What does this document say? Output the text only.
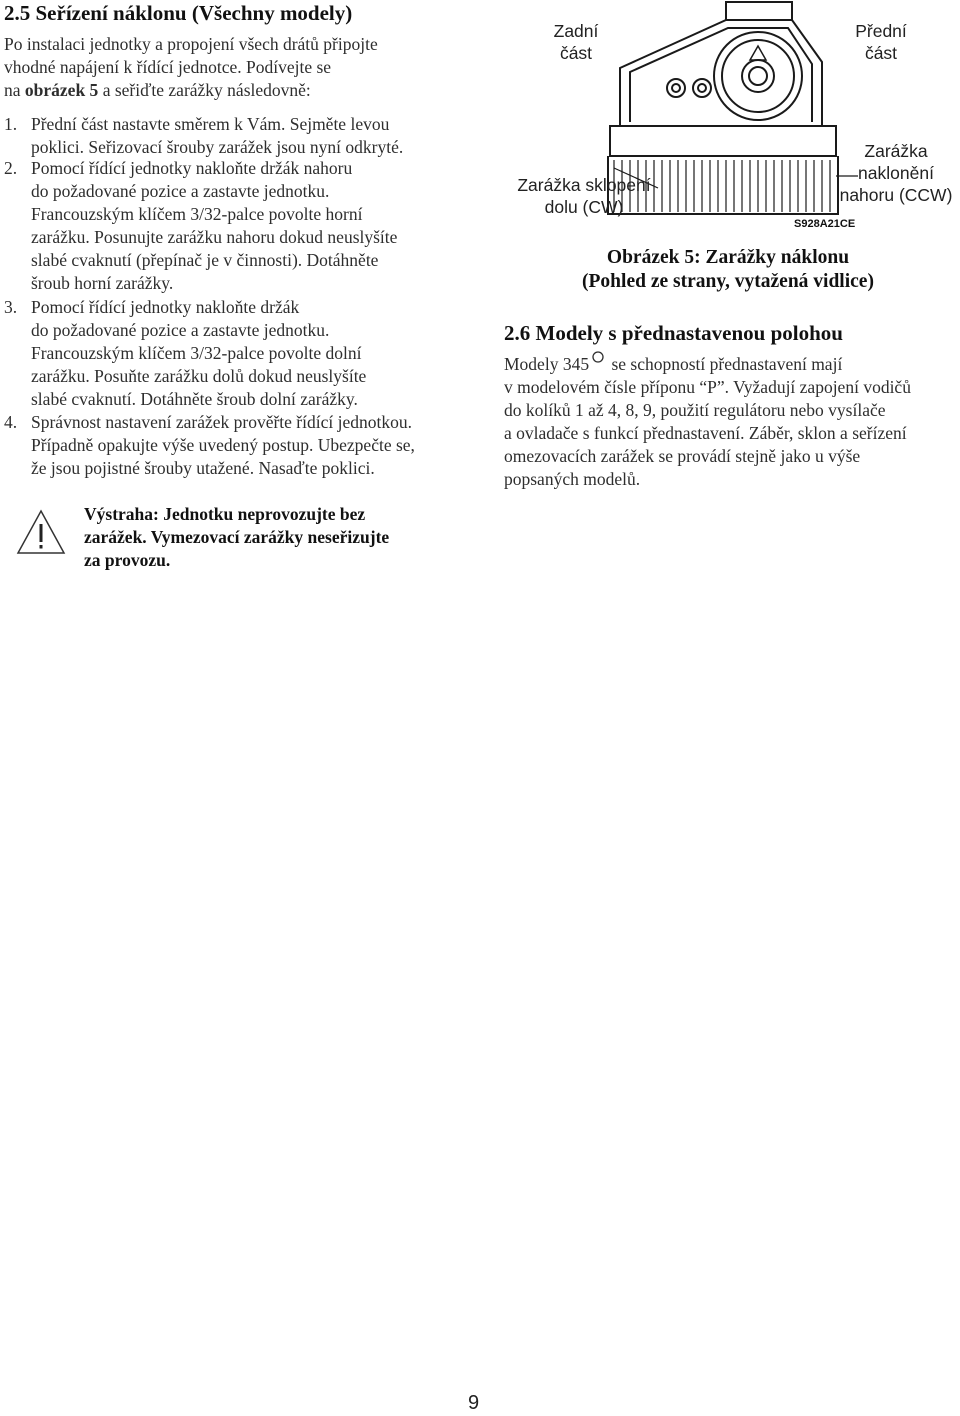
2.5 Seřízení náklonu (Všechny modely)
Po instalaci jednotky a propojení všech drátů připojte
vhodné napájení k řídící jednotce. Podívejte se
na obrázek 5 a seřiďte zarážky následovně:
1. Přední část nastavte směrem k Vám. Sejměte levou
poklici. Seřizovací šrouby zarážek jsou nyní odkryté.
2. Pomocí řídící jednotky nakloňte držák nahoru
do požadované pozice a zastavte jednotku.
Francouzským klíčem 3/32-palce povolte horní
zarážku. Posunujte zarážku nahoru dokud neuslyšíte
slabé cvaknutí (přepínač je v činnosti). Dotáhněte
šroub horní zarážky.
3. Pomocí řídící jednotky nakloňte držák
do požadované pozice a zastavte jednotku.
Francouzským klíčem 3/32-palce povolte dolní
zarážku. Posuňte zarážku dolů dokud neuslyšíte
slabé cvaknutí. Dotáhněte šroub dolní zarážky.
4. Správnost nastavení zarážek prověřte řídící jednotkou.
Případně opakujte výše uvedený postup. Ubezpečte se,
že jsou pojistné šrouby utažené. Nasaďte poklici.
Výstraha: Jednotku neprovozujte bez
zarážek. Vymezovací zarážky neseřizujte
za provozu.
Zadní
část
Přední
část
Zarážka sklopení
dolu (CW)
Zarážka
naklonění
nahoru (CCW)
S928A21CE
Obrázek 5: Zarážky náklonu
(Pohled ze strany, vytažená vidlice)
2.6 Modely s přednastavenou polohou
Modely 345 se schopností přednastavení mají
v modelovém čísle příponu “P”. Vyžadují zapojení vodičů
do kolíků 1 až 4, 8, 9, použití regulátoru nebo vysílače
a ovladače s funkcí přednastavení. Záběr, sklon a seřízení
omezovacích zarážek se provádí stejně jako u výše
popsaných modelů.
9
